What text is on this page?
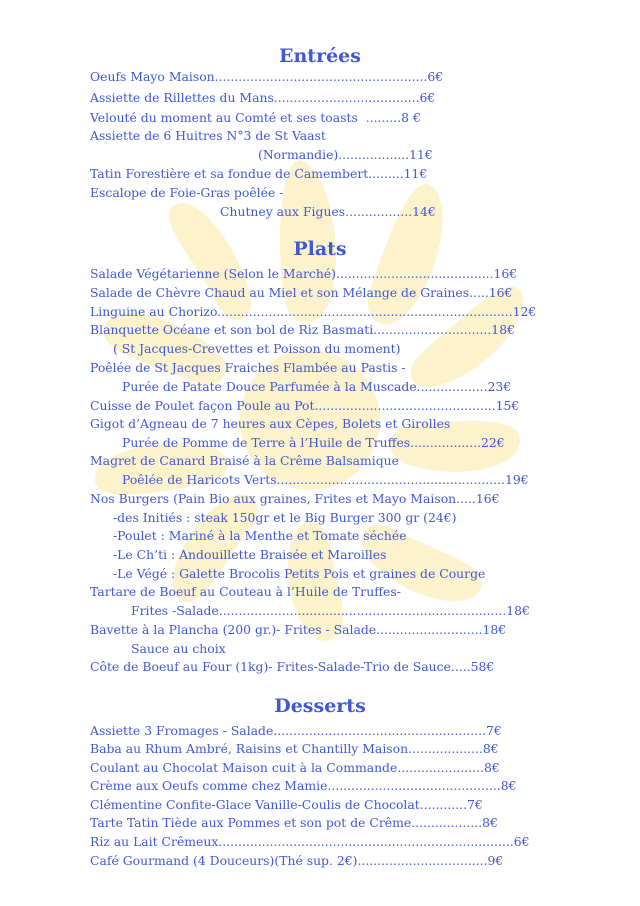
Entrées
Oeufs Mayo Maison......................................................6€
Assiette de Rillettes du Mans.....................................6€
Velouté du moment au Comté et ses toasts  .........8 €
Assiette de 6 Huitres N°3 de St Vaast
(Normandie)..................11€
Tatin Forestière et sa fondue de Camembert.........11€
Escalope de Foie-Gras poêlée -
Chutney aux Figues.................14€
Plats
Salade Végétarienne (Selon le Marché)........................................16€
Salade de Chèvre Chaud au Miel et son Mélange de Graines.....16€
Linguine au Chorizo...........................................................................12€
Blanquette Océane et son bol de Riz Basmati..............................18€
( St Jacques-Crevettes et Poisson du moment)
Poêlée de St Jacques Fraiches Flambée au Pastis -
Purée de Patate Douce Parfumée à la Muscade..................23€
Cuisse de Poulet façon Poule au Pot..............................................15€
Gigot d’Agneau de 7 heures aux Cèpes, Bolets et Girolles
Purée de Pomme de Terre à l’Huile de Truffes..................22€
Magret de Canard Braisé à la Crême Balsamique
Poêlée de Haricots Verts..........................................................19€
Nos Burgers (Pain Bio aux graines, Frites et Mayo Maison.....16€
-des Initiés : steak 150gr et le Big Burger 300 gr (24€)
-Poulet : Mariné à la Menthe et Tomate séchée
-Le Ch’ti : Andouillette Braisée et Maroilles
-Le Végé : Galette Brocolis Petits Pois et graines de Courge
Tartare de Boeuf au Couteau à l’Huile de Truffes-
Frites -Salade.........................................................................18€
Bavette à la Plancha (200 gr.)- Frites - Salade...........................18€
Sauce au choix
Côte de Boeuf au Four (1kg)- Frites-Salade-Trio de Sauce.....58€
Desserts
Assiette 3 Fromages - Salade......................................................7€
Baba au Rhum Ambré, Raisins et Chantilly Maison...................8€
Coulant au Chocolat Maison cuit à la Commande......................8€
Crème aux Oeufs comme chez Mamie............................................8€
Clémentine Confite-Glace Vanille-Coulis de Chocolat............7€
Tarte Tatin Tiède aux Pommes et son pot de Crême..................8€
Riz au Lait Crêmeux...........................................................................6€
Café Gourmand (4 Douceurs)(Thé sup. 2€).................................9€
